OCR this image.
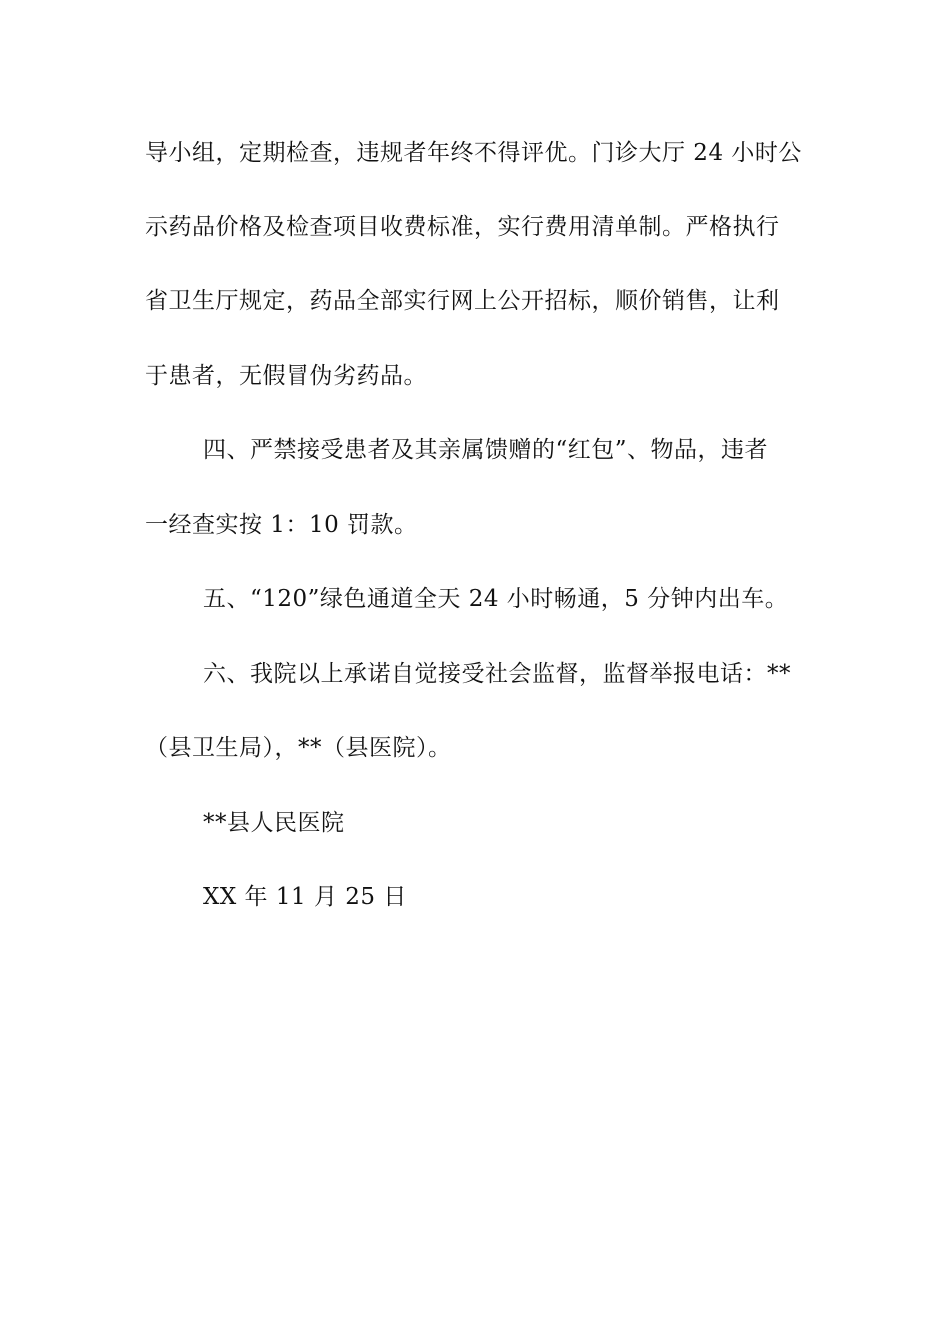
导小组，定期检查，违规者年终不得评优。门诊大厅 24 小时公
示药品价格及检查项目收费标准，实行费用清单制。严格执行
省卫生厅规定，药品全部实行网上公开招标，顺价销售，让利
于患者，无假冒伪劣药品。
四、严禁接受患者及其亲属馈赠的“红包”、物品，违者
一经查实按 1：10 罚款。
五、“120”绿色通道全天 24 小时畅通，5 分钟内出车。
六、我院以上承诺自觉接受社会监督，监督举报电话：**
（县卫生局），**（县医院）。
**县人民医院
XX 年 11 月 25 日
